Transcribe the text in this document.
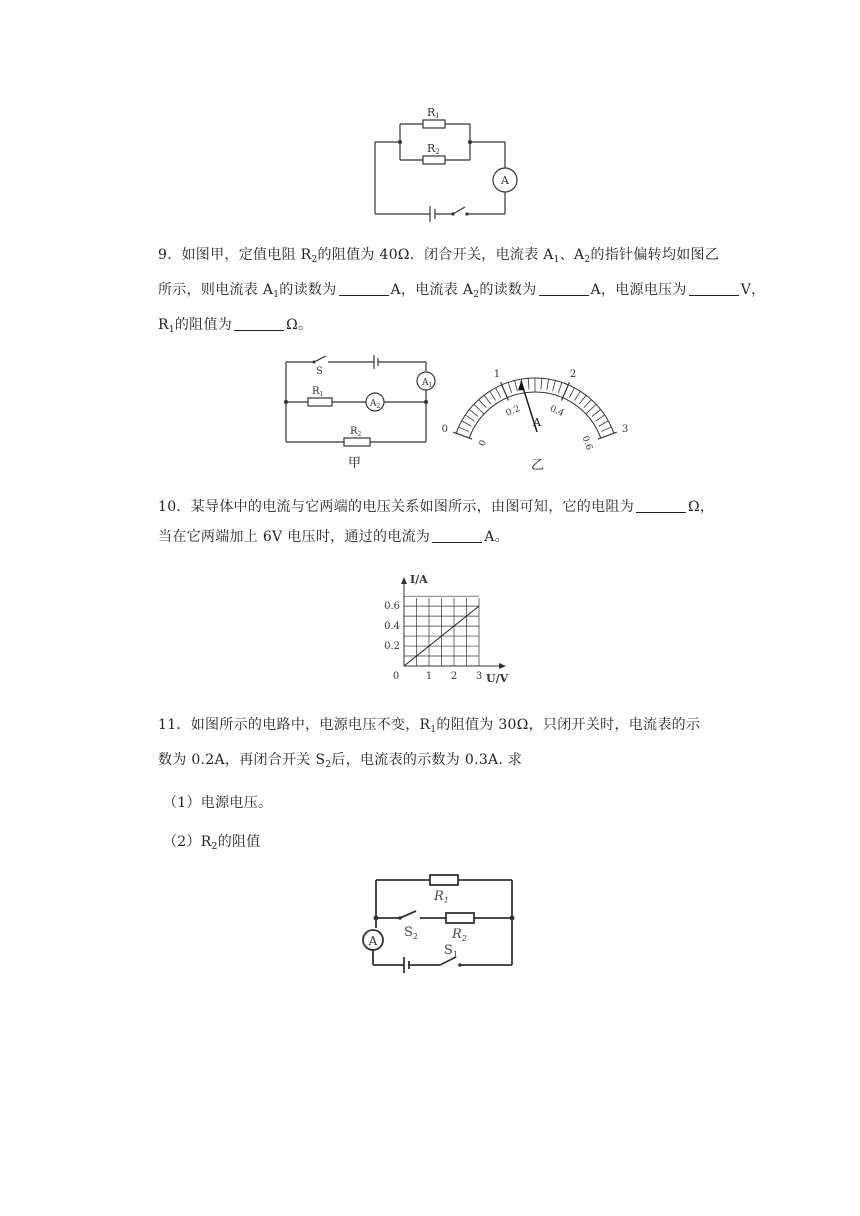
R1
R2
A
9．如图甲，定值电阻 $R_2$的阻值为 40Ω．闭合开关，电流表 $A_1$、$A_2$的指针偏转均如图乙
所示，则电流表 $A_1$的读数为	A，电流表 $A_2$的读数为	A，电源电压为	V，
$R_1$的阻值为	Ω。
S
$A_1$
$A_2$
$R_1$
$R_2$
甲
0
1	2
3
0
0.2	0.4
0.6
A
乙
10．某导体中的电流与它两端的电压关系如图所示，由图可知，它的电阻为	Ω，
当在它两端加上 6V 电压时，通过的电流为	A。
0	1 2 3
0.2
0.4
0.6
I/A
U/V
11．如图所示的电路中，电源电压不变，$R_1$的阻值为 30Ω，只闭开关时，电流表的示
数为 0.2A，再闭合开关 $S_2$后，电流表的示数为 0.3A. 求
（1）电源电压。
$(2)R_2$的阻值
$R_1$
$R_2$
$S_2$
$S_1$
A
